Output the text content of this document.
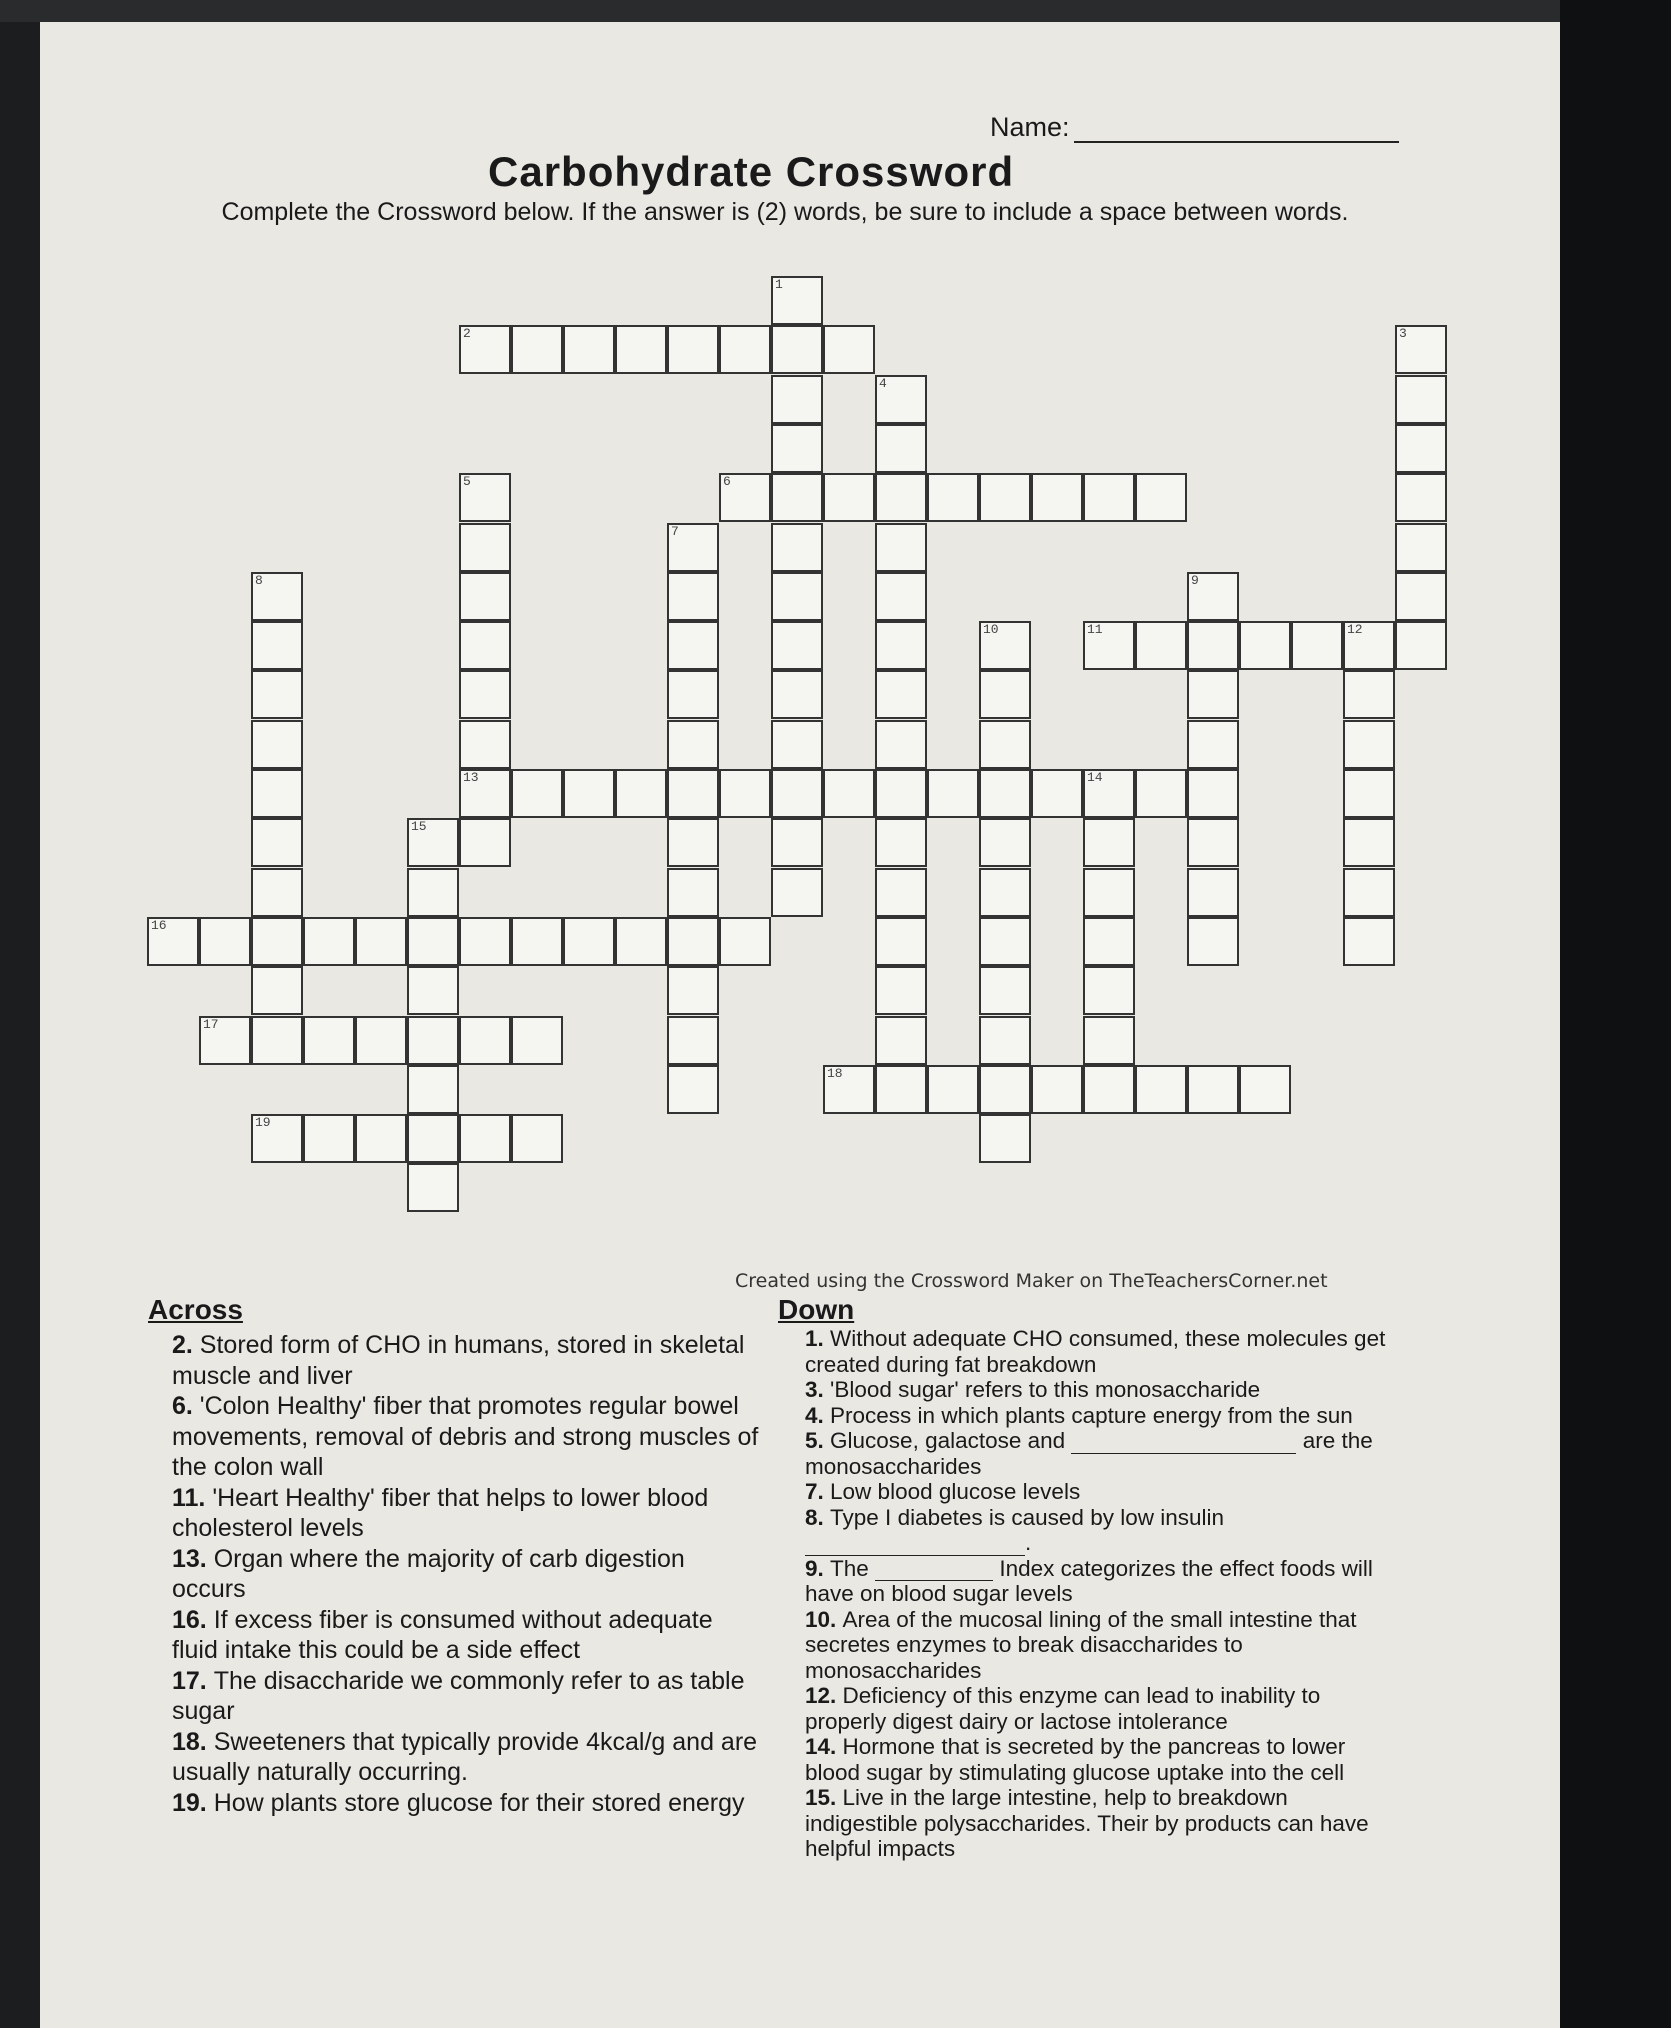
Name:
Carbohydrate Crossword
Complete the Crossword below. If the answer is (2) words, be sure to include a space between words.
2
6
11	12
13	14
16
17
18
19
1
3
4
5
7
8	9
10
15
Created using the Crossword Maker on TheTeachersCorner.net
Across	Down

2. Stored form of CHO in humans, stored in skeletal muscle and liver

6. 'Colon Healthy' fiber that promotes regular bowel movements, removal of debris and strong muscles of the colon wall

11. 'Heart Healthy' fiber that helps to lower blood cholesterol levels

13. Organ where the majority of carb digestion occurs

16. If excess fiber is consumed without adequate fluid intake this could be a side effect

17. The disaccharide we commonly refer to as table sugar

18. Sweeteners that typically provide 4kcal/g and are usually naturally occurring.

19. How plants store glucose for their stored energy

1. Without adequate CHO consumed, these molecules get created during fat breakdown

3. 'Blood sugar' refers to this monosaccharide

4. Process in which plants capture energy from the sun

5. Glucose, galactose and	are the monosaccharides

7. Low blood glucose levels

8. Type I diabetes is caused by low insulin .

9. The	Index categorizes the effect foods will have on blood sugar levels

10. Area of the mucosal lining of the small intestine that secretes enzymes to break disaccharides to monosaccharides

12. Deficiency of this enzyme can lead to inability to properly digest dairy or lactose intolerance

14. Hormone that is secreted by the pancreas to lower blood sugar by stimulating glucose uptake into the cell

15. Live in the large intestine, help to breakdown indigestible polysaccharides. Their by products can have helpful impacts
